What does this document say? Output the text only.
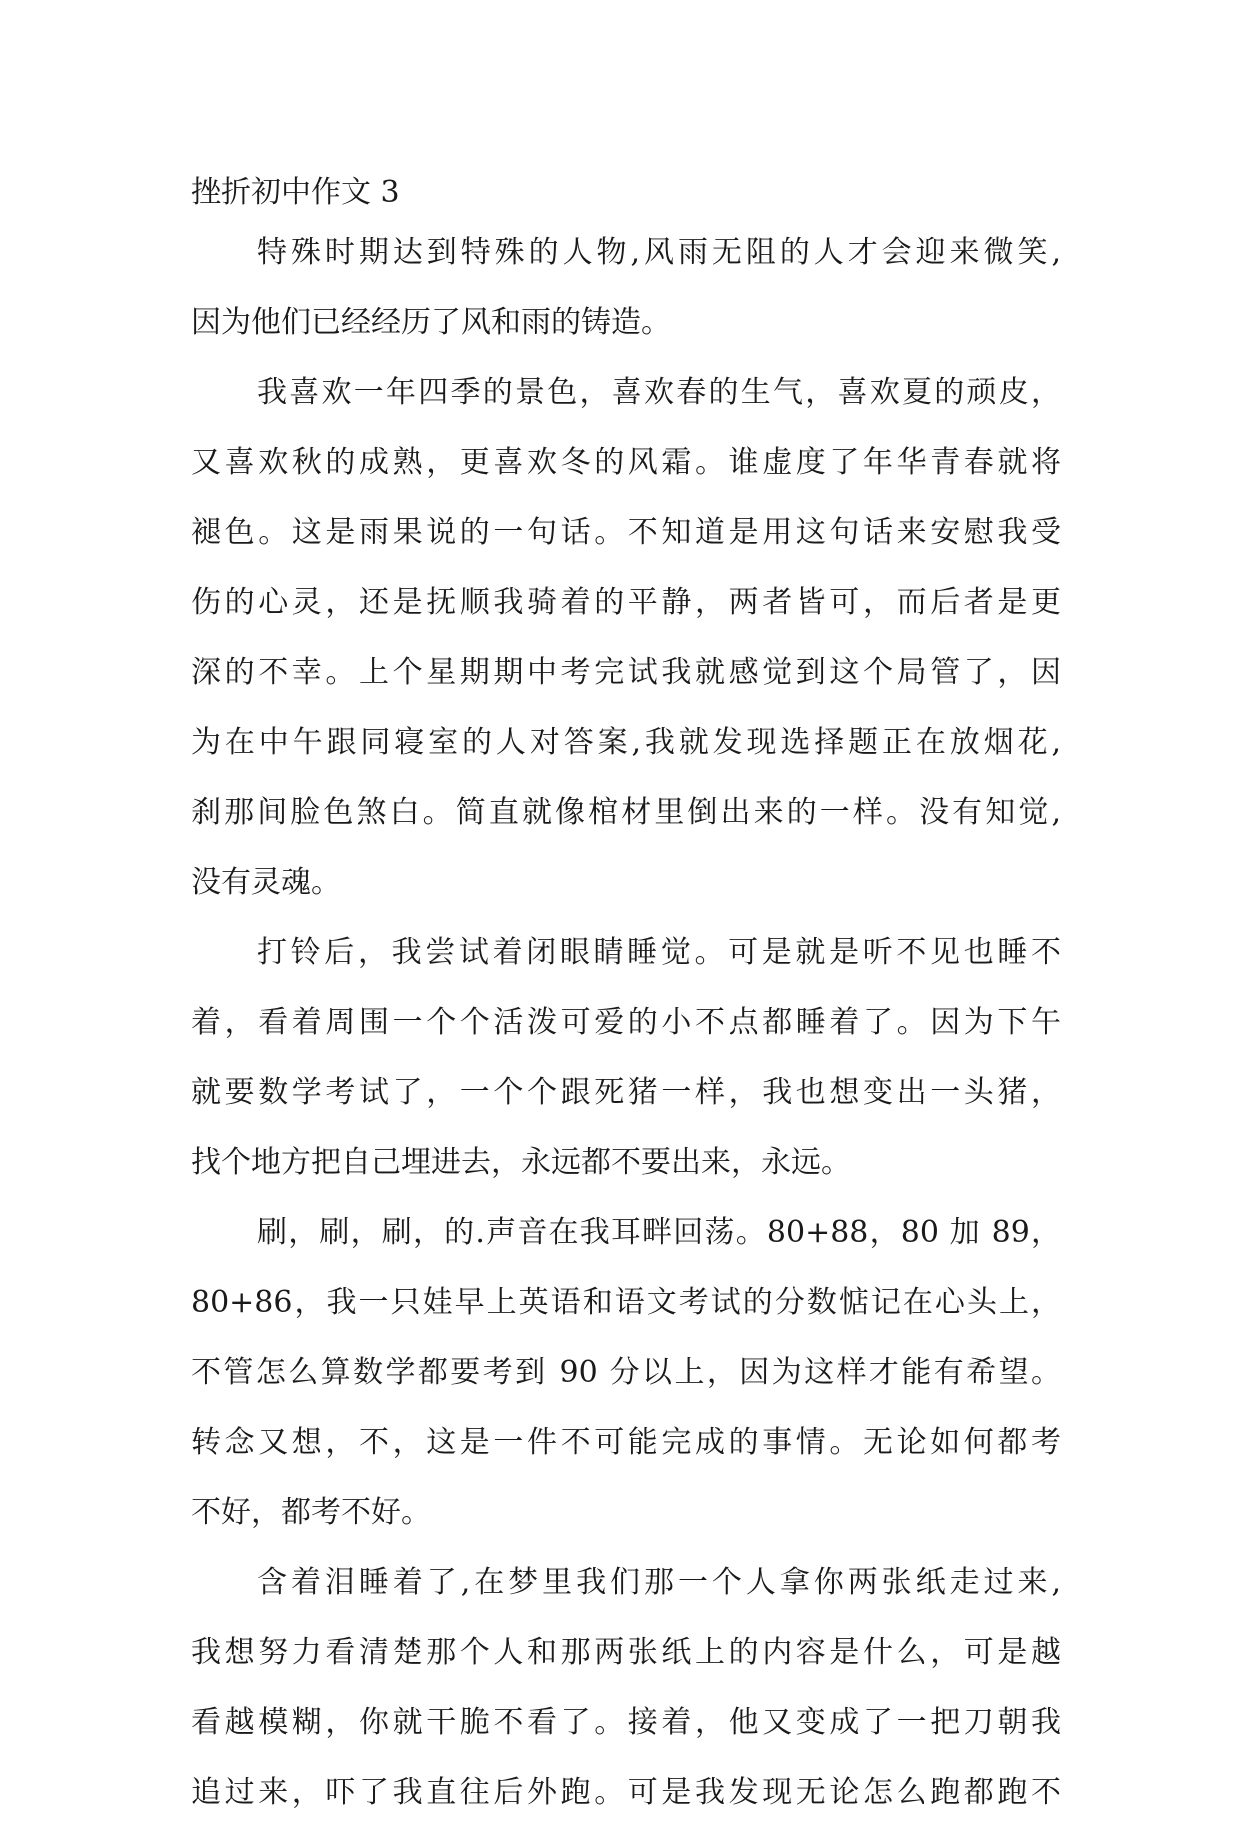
挫折初中作文 3
特殊时期达到特殊的人物,风雨无阻的人才会迎来微笑,
因为他们已经经历了风和雨的铸造。
我喜欢一年四季的景色，喜欢春的生气，喜欢夏的顽皮，
又喜欢秋的成熟，更喜欢冬的风霜。谁虚度了年华青春就将
褪色。这是雨果说的一句话。不知道是用这句话来安慰我受
伤的心灵，还是抚顺我骑着的平静，两者皆可，而后者是更
深的不幸。上个星期期中考完试我就感觉到这个局管了，因
为在中午跟同寝室的人对答案,我就发现选择题正在放烟花,
刹那间脸色煞白。简直就像棺材里倒出来的一样。没有知觉,
没有灵魂。
打铃后，我尝试着闭眼睛睡觉。可是就是听不见也睡不
着，看着周围一个个活泼可爱的小不点都睡着了。因为下午
就要数学考试了，一个个跟死猪一样，我也想变出一头猪，
找个地方把自己埋进去，永远都不要出来，永远。
刷，刷，刷，的.声音在我耳畔回荡。80+88，80 加 89，
80+86，我一只娃早上英语和语文考试的分数惦记在心头上，
不管怎么算数学都要考到 90 分以上，因为这样才能有希望。
转念又想，不，这是一件不可能完成的事情。无论如何都考
不好，都考不好。
含着泪睡着了,在梦里我们那一个人拿你两张纸走过来,
我想努力看清楚那个人和那两张纸上的内容是什么，可是越
看越模糊，你就干脆不看了。接着，他又变成了一把刀朝我
追过来，吓了我直往后外跑。可是我发现无论怎么跑都跑不
